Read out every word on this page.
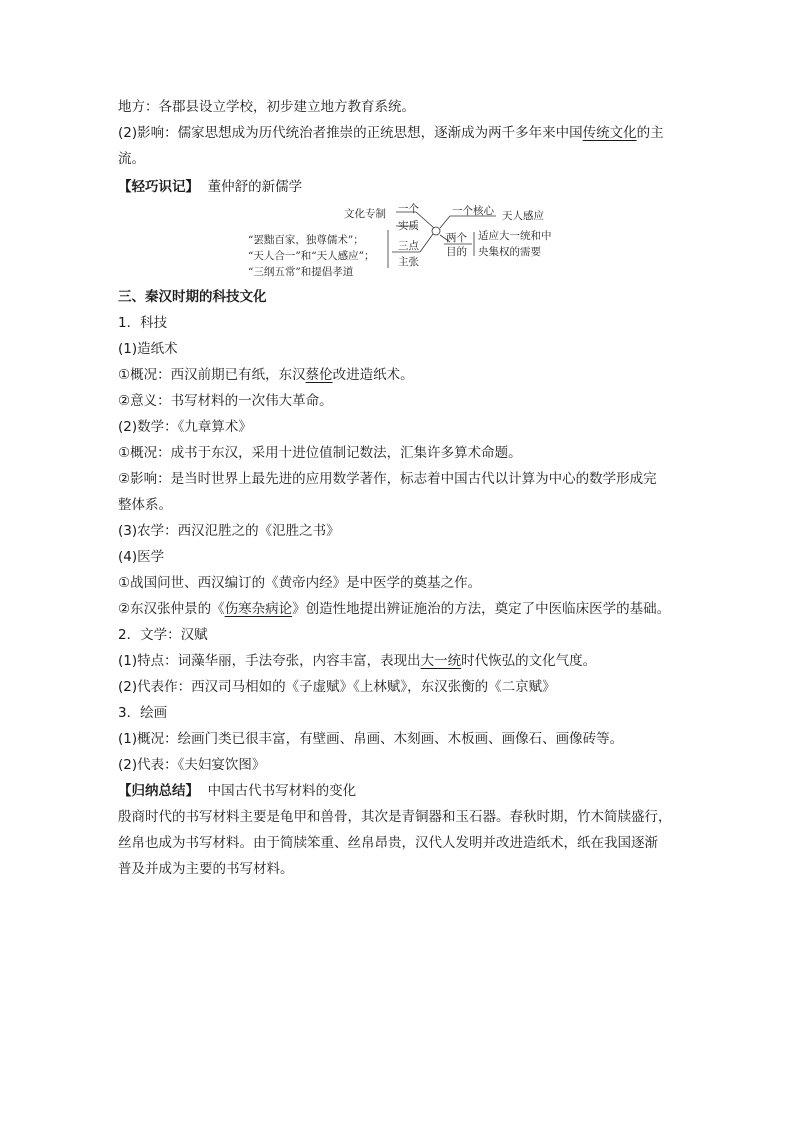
地方：各郡县设立学校，初步建立地方教育系统。
(2)影响：儒家思想成为历代统治者推崇的正统思想，逐渐成为两千多年来中国传统文化的主
流。
【轻巧识记】 董仲舒的新儒学
文化专制 一个
实质
一个核心 天人感应
“罢黜百家，独尊儒术”；
“天人合一”和“天人感应”；
“三纲五常”和提倡孝道
三点
主张
两个
目的
适应大一统和中
央集权的需要
三、秦汉时期的科技文化
1．科技
(1)造纸术
①概况：西汉前期已有纸，东汉蔡伦改进造纸术。
②意义：书写材料的一次伟大革命。
(2)数学：《九章算术》
①概况：成书于东汉，采用十进位值制记数法，汇集许多算术命题。
②影响：是当时世界上最先进的应用数学著作，标志着中国古代以计算为中心的数学形成完
整体系。
(3)农学：西汉氾胜之的《氾胜之书》
(4)医学
①战国问世、西汉编订的《黄帝内经》是中医学的奠基之作。
②东汉张仲景的《伤寒杂病论》创造性地提出辨证施治的方法，奠定了中医临床医学的基础。
2．文学：汉赋
(1)特点：词藻华丽，手法夸张，内容丰富，表现出大一统时代恢弘的文化气度。
(2)代表作：西汉司马相如的《子虚赋》《上林赋》，东汉张衡的《二京赋》
3．绘画
(1)概况：绘画门类已很丰富，有壁画、帛画、木刻画、木板画、画像石、画像砖等。
(2)代表：《夫妇宴饮图》
【归纳总结】 中国古代书写材料的变化
殷商时代的书写材料主要是龟甲和兽骨，其次是青铜器和玉石器。春秋时期，竹木简牍盛行，
丝帛也成为书写材料。由于简牍笨重、丝帛昂贵，汉代人发明并改进造纸术，纸在我国逐渐
普及并成为主要的书写材料。
